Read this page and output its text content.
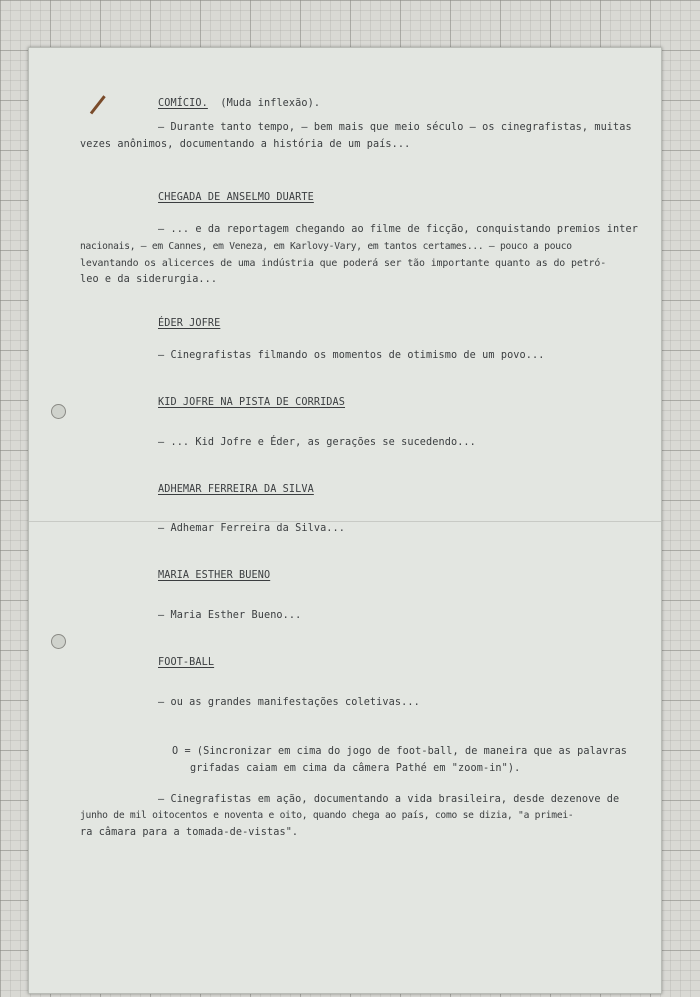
COMÍCIO. (Muda inflexão).

– Durante tanto tempo, – bem mais que meio século – os cinegrafistas, muitas

vezes anônimos, documentando a história de um país...

CHEGADA DE ANSELMO DUARTE

– ... e da reportagem chegando ao filme de ficção, conquistando premios inter

nacionais, – em Cannes, em Veneza, em Karlovy-Vary, em tantos certames... – pouco a pouco

levantando os alicerces de uma indústria que poderá ser tão importante quanto as do petró-

leo e da siderurgia...

ÉDER JOFRE

– Cinegrafistas filmando os momentos de otimismo de um povo...

KID JOFRE NA PISTA DE CORRIDAS

– ... Kid Jofre e Éder, as gerações se sucedendo...

ADHEMAR FERREIRA DA SILVA

– Adhemar Ferreira da Silva...

MARIA ESTHER BUENO

– Maria Esther Bueno...

FOOT-BALL

– ou as grandes manifestações coletivas...

O = (Sincronizar em cima do jogo de foot-ball, de maneira que as palavras

grifadas caiam em cima da câmera Pathé em "zoom-in").

– Cinegrafistas em ação, documentando a vida brasileira, desde dezenove de

junho de mil oitocentos e noventa e oito, quando chega ao país, como se dizia, "a primei-

ra câmara para a tomada-de-vistas".
